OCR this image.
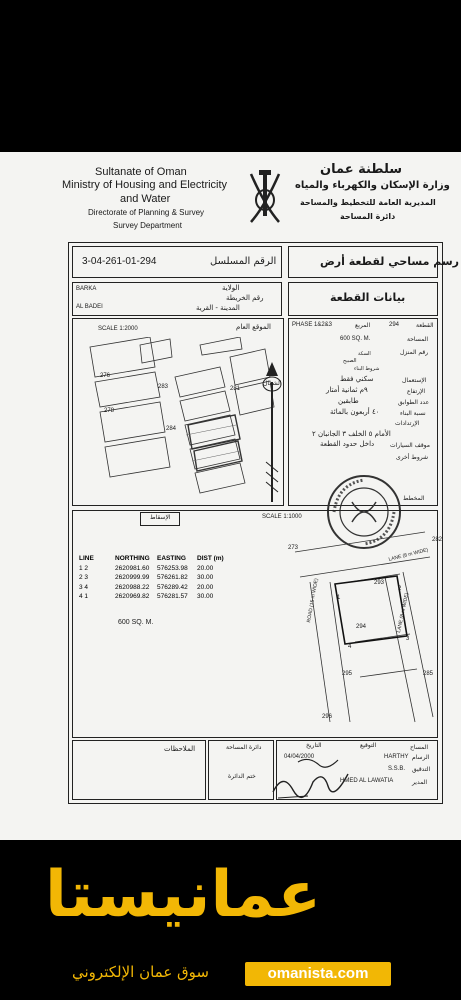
Sultanate of Oman
Ministry of Housing and Electricity
and Water
Directorate of Planning & Survey
Survey Department
سلطنة عمان
وزارة الإسكان والكهرباء والمياه
المديرية العامة للتخطيط والمساحة
دائرة المساحة
3-04-261-01-294	الرقم المسلسل	رسم مساحي لقطعة أرض
BARKA	الولاية
رقم الخريطة
AL BADEI	المدينة - القرية
بيانات القطعة
SCALE 1:2000	الموقع العام
276
278
283	281
284
الشمال
PHASE 1&2&3	المربع	294	القطعة
600 SQ. M.	المساحة
رقم المنزل
السكة
الصبيح
شروط البناء
سكني فقط	الإستعمال
٩م ثمانية أمتار	الإرتفاع
طابقين	عدد الطوابق
٤٠ أربعون بالمائة	نسبة البناء
الإرتدادات
الأمام ٥ الخلف ٣ الجانبان ٢
داخل حدود القطعة	موقف السيارات
شروط أخرى
المخطط
SCALE 1:1000
الإسقاط
LINE	NORTHING	EASTING	DIST (m)
1 2	2620981.60	576253.98	20.00
2 3	2620999.99	576261.82	30.00
3 4	2620988.22	576289.42	20.00
4 1	2620969.82	576281.57	30.00
600 SQ. M.
273
293
294
295
296
282
285
1
2
3
4
ROAD (15 m WIDE)	LANE (8 m WIDE)
LANE (8 m WIDE)
الملاحظات	دائرة المساحة
ختم الدائرة
التاريخ	التوقيع	المساح
04/04/2000	HARTHY الرسام
S.S.B. التدقيق
HMED AL LAWATIA	المدير
عمانيستا
سوق عمان الإلكتروني	omanista.com
